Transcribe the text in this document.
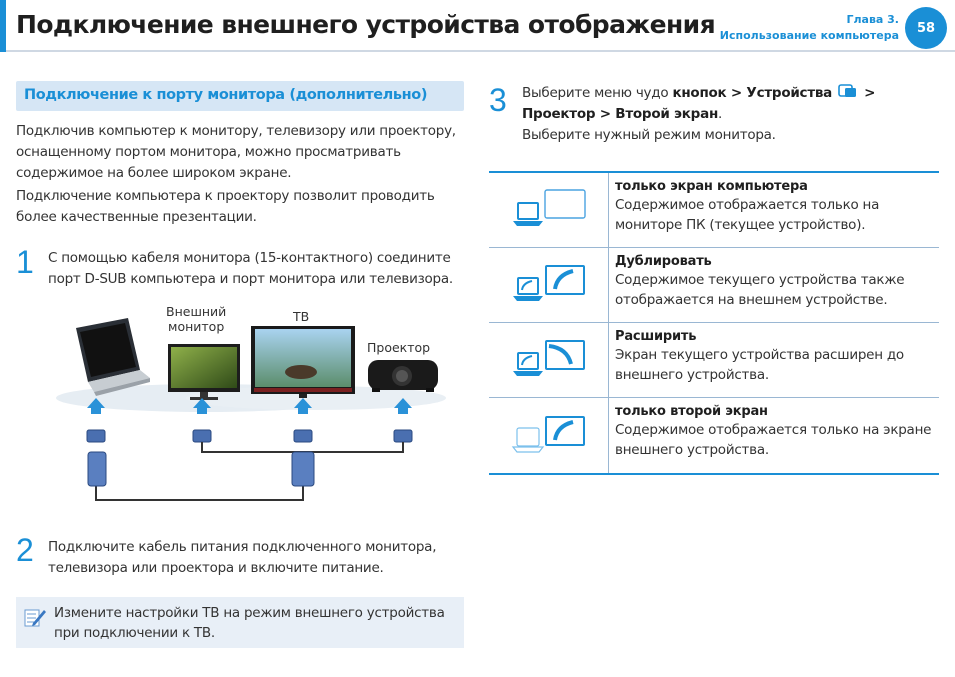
Подключение внешнего устройства отображения	Глава 3.
Использование компьютера	58
Подключение к порту монитора (дополнительно)
Подключив компьютер к монитору, телевизору или проектору, оснащенному портом монитора, можно просматривать содержимое на более широком экране.
Подключение компьютера к проектору позволит проводить более качественные презентации.
1 С помощью кабеля монитора (15-контактного) соедините порт D-SUB компьютера и порт монитора или телевизора.
Внешний
монитор
ТВ
Проектор
2 Подключите кабель питания подключенного монитора, телевизора или проектора и включите питание.
Измените настройки ТВ на режим внешнего устройства при подключении к ТВ.
3 Выберите меню чудо кнопок > Устройства >
Проектор > Второй экран.
Выберите нужный режим монитора.
только экран компьютера
Содержимое отображается только на мониторе ПК (текущее устройство).
Дублировать
Содержимое текущего устройства также отображается на внешнем устройстве.
Расширить
Экран текущего устройства расширен до внешнего устройства.
только второй экран
Содержимое отображается только на экране внешнего устройства.
